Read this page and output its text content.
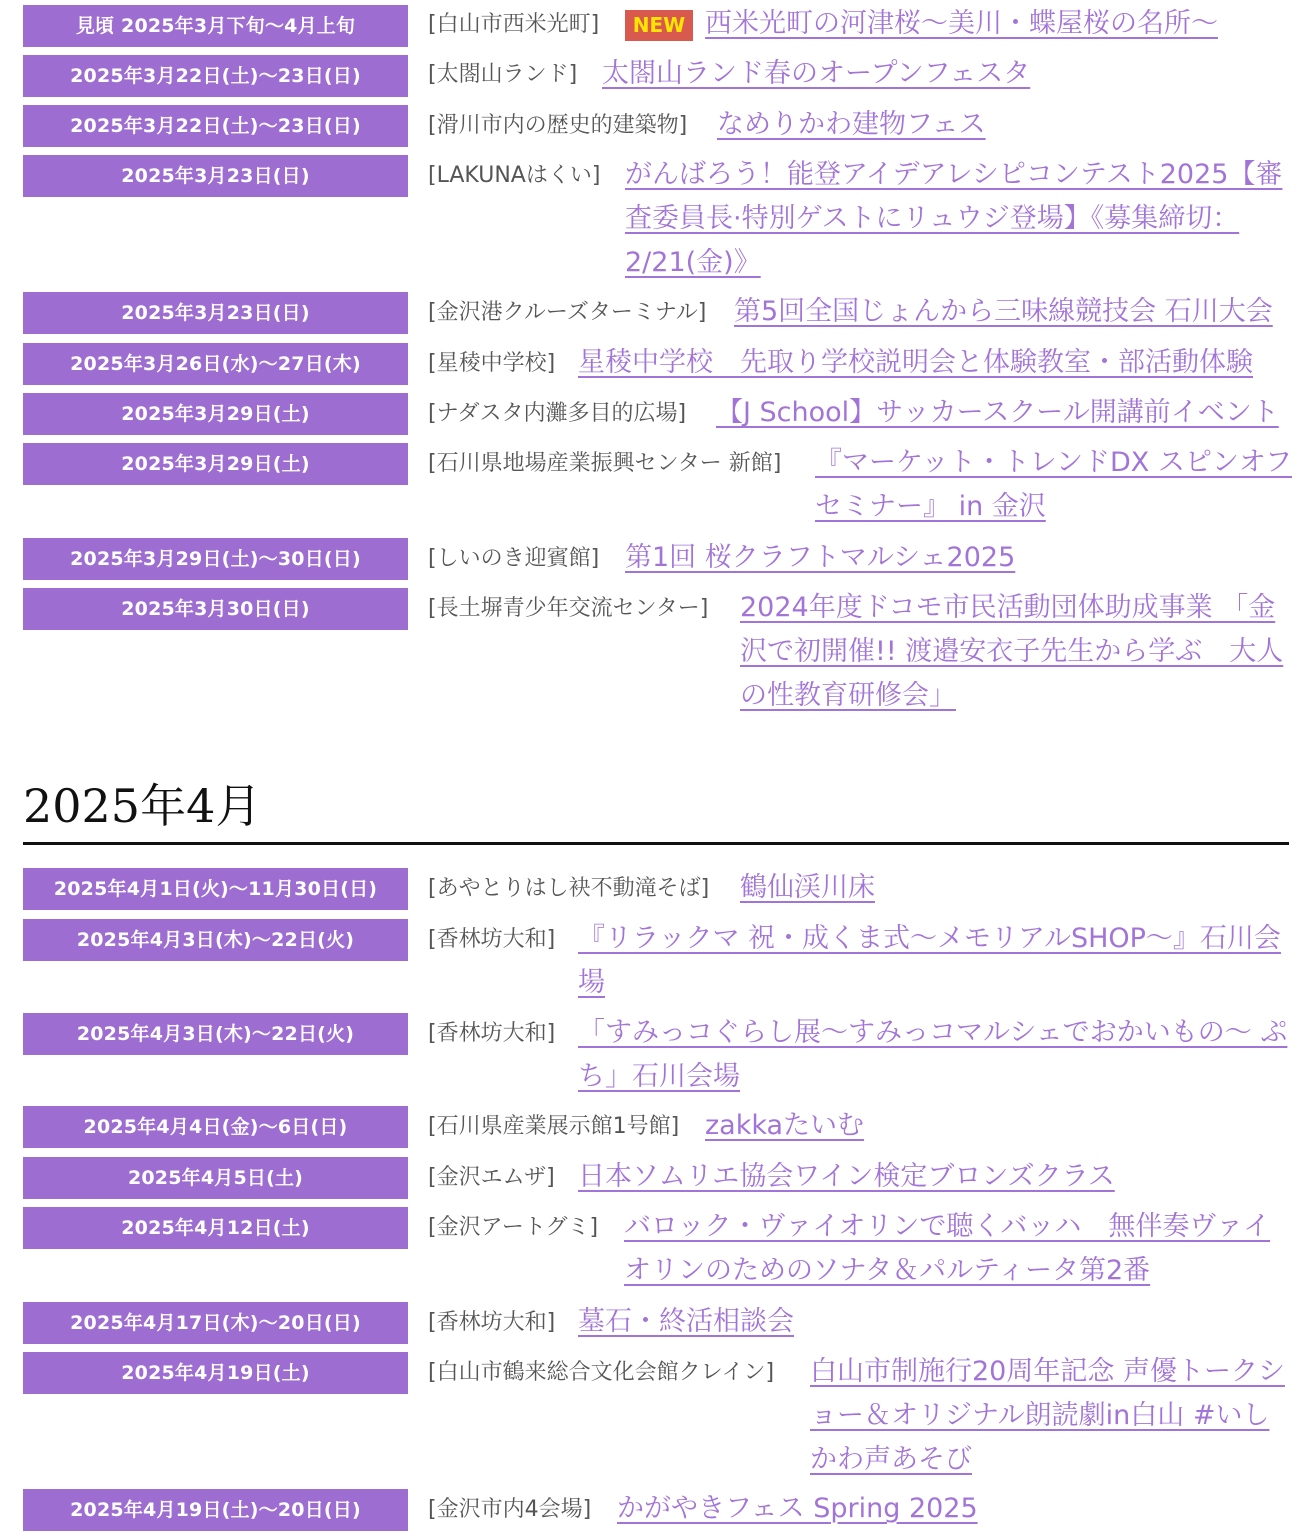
見頃 2025年3月下旬〜4月上旬	[白山市西米光町]	NEW 西米光町の河津桜〜美川・蝶屋桜の名所〜
2025年3月22日(土)〜23日(日)	[太閤山ランド] 太閤山ランド春のオープンフェスタ
2025年3月22日(土)〜23日(日)	[滑川市内の歴史的建築物] なめりかわ建物フェス
2025年3月23日(日)	[LAKUNAはくい] がんばろう！能登アイデアレシピコンテスト2025【審査委員長·特別ゲストにリュウジ登場】《募集締切：2/21(金)》
2025年3月23日(日)	[金沢港クルーズターミナル] 第5回全国じょんから三味線競技会 石川大会
2025年3月26日(水)〜27日(木)	[星稜中学校] 星稜中学校　先取り学校説明会と体験教室・部活動体験
2025年3月29日(土)	[ナダスタ内灘多目的広場] 【J School】サッカースクール開講前イベント
2025年3月29日(土)	[石川県地場産業振興センター 新館] 『マーケット・トレンドDX スピンオフセミナー』 in 金沢
2025年3月29日(土)〜30日(日)	[しいのき迎賓館] 第1回 桜クラフトマルシェ2025
2025年3月30日(日)	[長土塀青少年交流センター] 2024年度ドコモ市民活動団体助成事業 「金沢で初開催!! 渡邉安衣子先生から学ぶ　大人の性教育研修会」
2025年4月
2025年4月1日(火)〜11月30日(日)	[あやとりはし袂不動滝そば] 鶴仙渓川床
2025年4月3日(木)〜22日(火)	[香林坊大和] 『リラックマ 祝・成くま式〜メモリアルSHOP〜』石川会場
2025年4月3日(木)〜22日(火)	[香林坊大和] 「すみっコぐらし展〜すみっコマルシェでおかいもの〜 ぷち」石川会場
2025年4月4日(金)〜6日(日)	[石川県産業展示館1号館] zakkaたいむ
2025年4月5日(土)	[金沢エムザ] 日本ソムリエ協会ワイン検定ブロンズクラス
2025年4月12日(土)	[金沢アートグミ] バロック・ヴァイオリンで聴くバッハ　無伴奏ヴァイオリンのためのソナタ＆パルティータ第2番
2025年4月17日(木)〜20日(日)	[香林坊大和] 墓石・終活相談会
2025年4月19日(土)	[白山市鶴来総合文化会館クレイン] 白山市制施行20周年記念 声優トークショー＆オリジナル朗読劇in白山 #いしかわ声あそび
2025年4月19日(土)〜20日(日)	[金沢市内4会場] かがやきフェス Spring 2025
